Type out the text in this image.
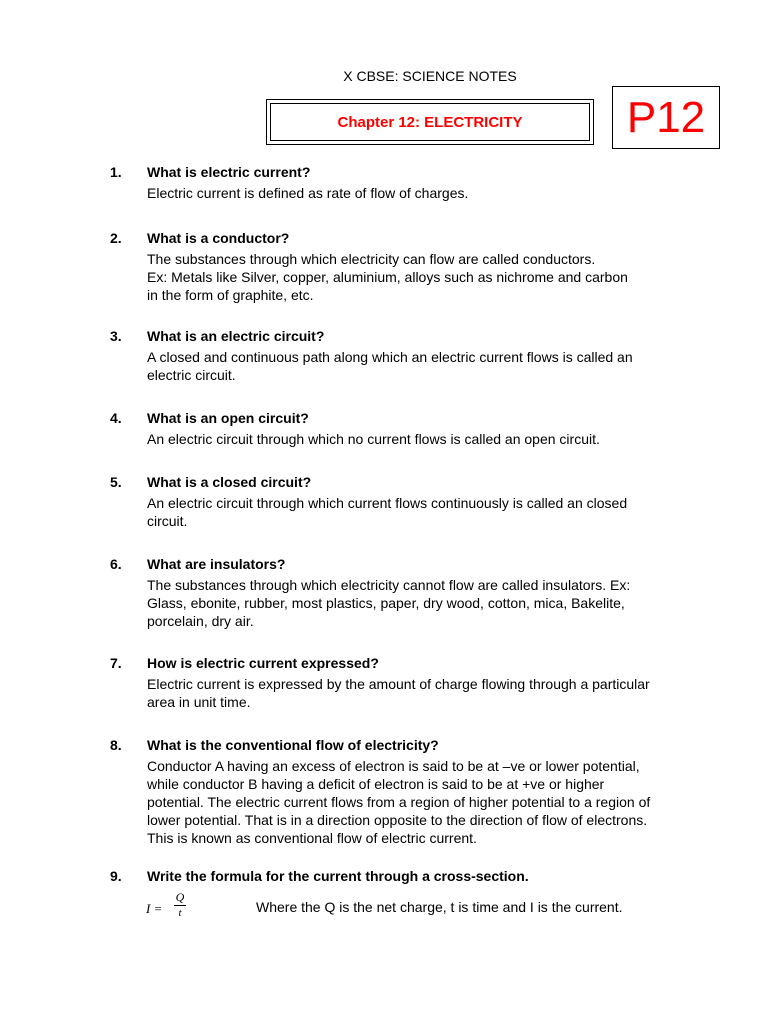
X CBSE: SCIENCE NOTES
Chapter 12: ELECTRICITY	P12
1. What is electric current?

Electric current is defined as rate of flow of charges.

2. What is a conductor?

The substances through which electricity can flow are called conductors.

Ex: Metals like Silver, copper, aluminium, alloys such as nichrome and carbon

in the form of graphite, etc.

3. What is an electric circuit?

A closed and continuous path along which an electric current flows is called an

electric circuit.

4. What is an open circuit?

An electric circuit through which no current flows is called an open circuit.

5. What is a closed circuit?

An electric circuit through which current flows continuously is called an closed

circuit.

6. What are insulators?

The substances through which electricity cannot flow are called insulators. Ex:

Glass, ebonite, rubber, most plastics, paper, dry wood, cotton, mica, Bakelite,

porcelain, dry air.

7. How is electric current expressed?

Electric current is expressed by the amount of charge flowing through a particular

area in unit time.

8. What is the conventional flow of electricity?

Conductor A having an excess of electron is said to be at –ve or lower potential,

while conductor B having a deficit of electron is said to be at +ve or higher

potential. The electric current flows from a region of higher potential to a region of

lower potential. That is in a direction opposite to the direction of flow of electrons.

This is known as conventional flow of electric current.

9. Write the formula for the current through a cross-section.
I =
Q
t	Where the Q is the net charge, t is time and I is the current.
